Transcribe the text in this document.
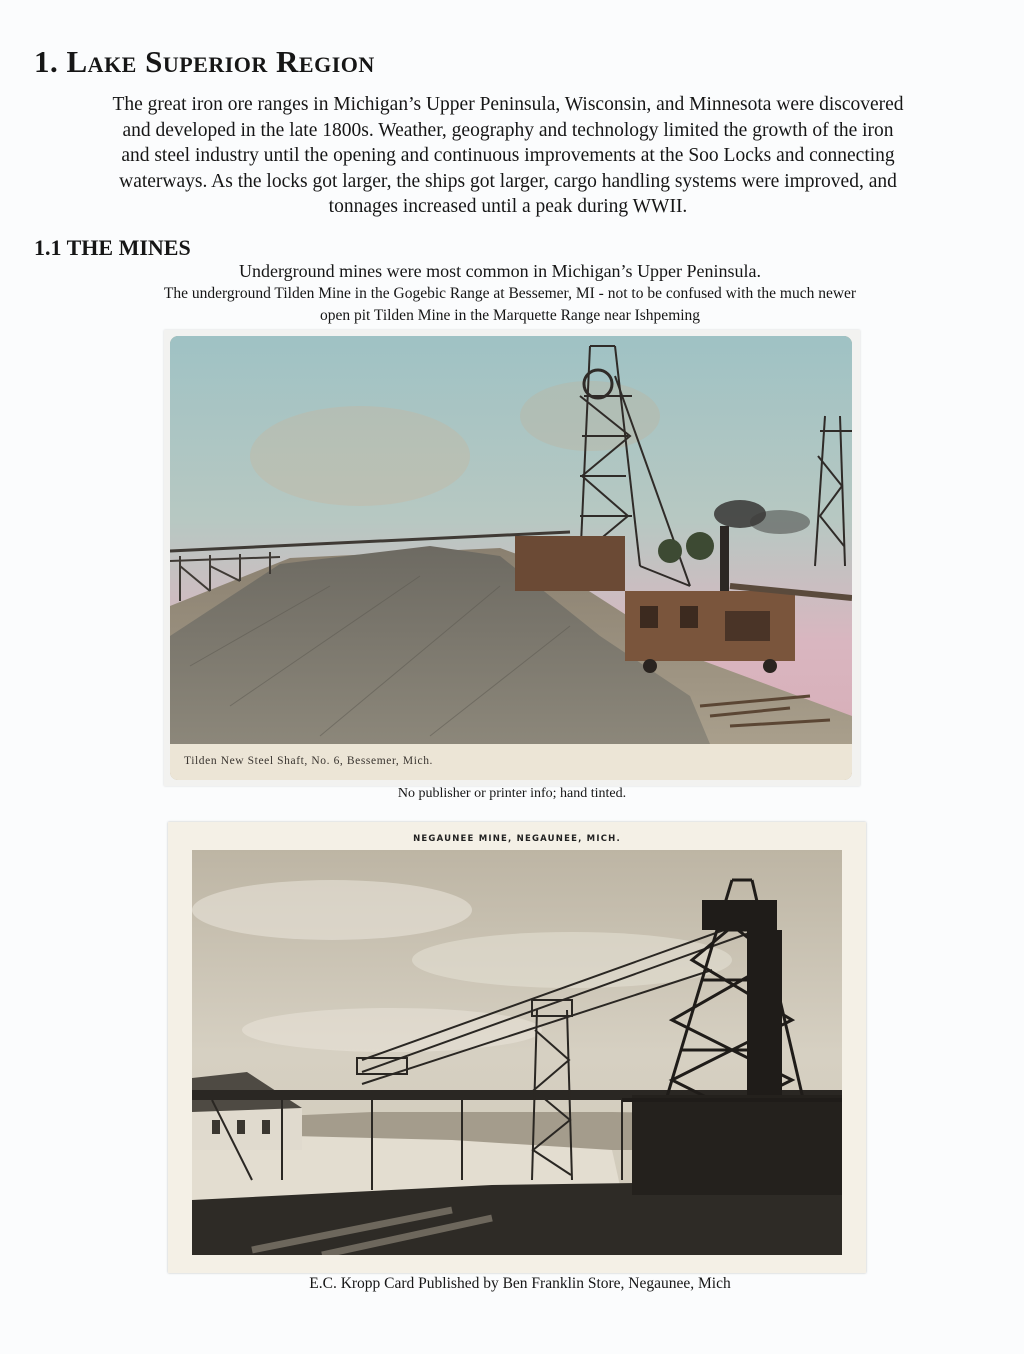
1. Lake Superior Region

The great iron ore ranges in Michigan’s Upper Peninsula, Wisconsin, and Minnesota were discovered and developed in the late 1800s. Weather, geography and technology limited the growth of the iron and steel industry until the opening and continuous improvements at the Soo Locks and connecting waterways. As the locks got larger, the ships got larger, cargo handling systems were improved, and tonnages increased until a peak during WWII.

1.1 THE MINES
Underground mines were most common in Michigan’s Upper Peninsula.
The underground Tilden Mine in the Gogebic Range at Bessemer, MI - not to be confused with the much newer open pit Tilden Mine in the Marquette Range near Ishpeming
Tilden New Steel Shaft, No. 6, Bessemer, Mich.
No publisher or printer info; hand tinted.
NEGAUNEE MINE, NEGAUNEE, MICH.
E.C. Kropp Card Published by Ben Franklin Store, Negaunee, Mich
